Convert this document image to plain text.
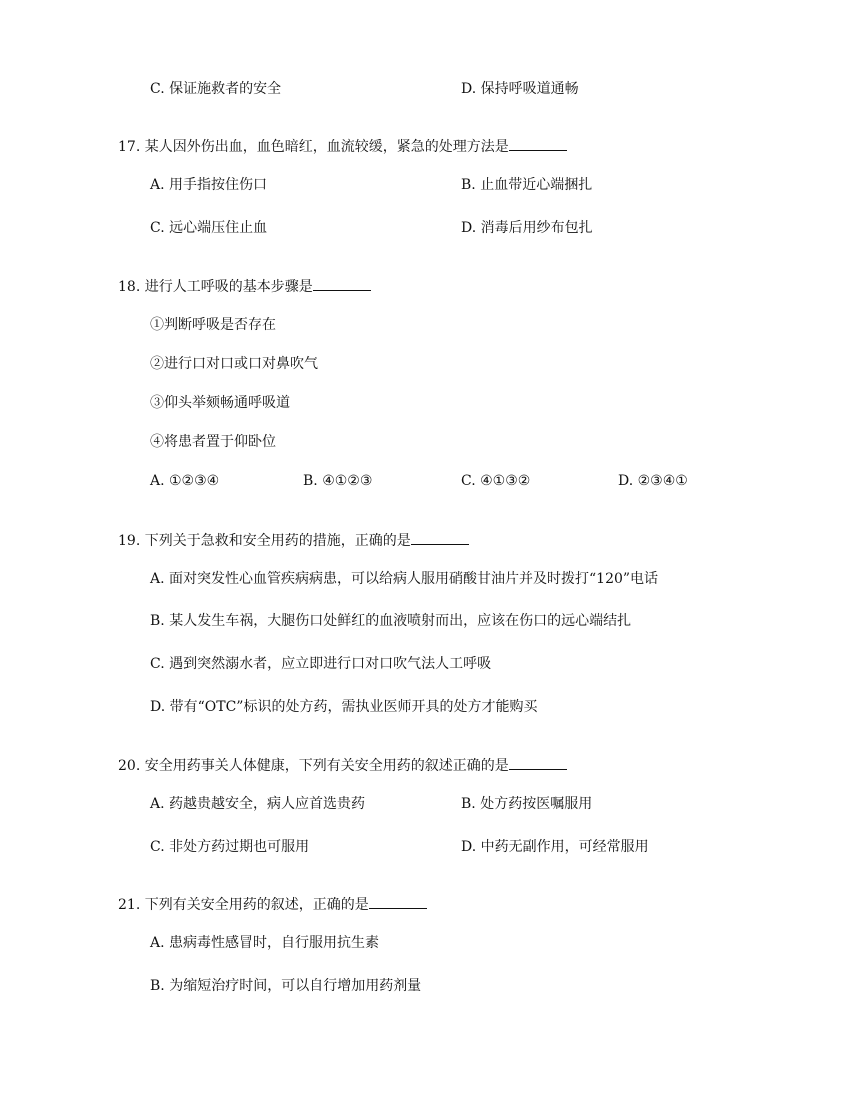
C. 保证施救者的安全	D. 保持呼吸道通畅
17. 某人因外伤出血，血色暗红，血流较缓，紧急的处理方法是
A. 用手指按住伤口	B. 止血带近心端捆扎
C. 远心端压住止血	D. 消毒后用纱布包扎
18. 进行人工呼吸的基本步骤是
①判断呼吸是否存在
②进行口对口或口对鼻吹气
③仰头举颏畅通呼吸道
④将患者置于仰卧位
A. ①②③④	B. ④①②③	C. ④①③②	D. ②③④①
19. 下列关于急救和安全用药的措施，正确的是
A. 面对突发性心血管疾病病患，可以给病人服用硝酸甘油片并及时拨打“120”电话
B. 某人发生车祸，大腿伤口处鲜红的血液喷射而出，应该在伤口的远心端结扎
C. 遇到突然溺水者，应立即进行口对口吹气法人工呼吸
D. 带有“OTC”标识的处方药，需执业医师开具的处方才能购买
20. 安全用药事关人体健康，下列有关安全用药的叙述正确的是
A. 药越贵越安全，病人应首选贵药	B. 处方药按医嘱服用
C. 非处方药过期也可服用	D. 中药无副作用，可经常服用
21. 下列有关安全用药的叙述，正确的是
A. 患病毒性感冒时，自行服用抗生素
B. 为缩短治疗时间，可以自行增加用药剂量
